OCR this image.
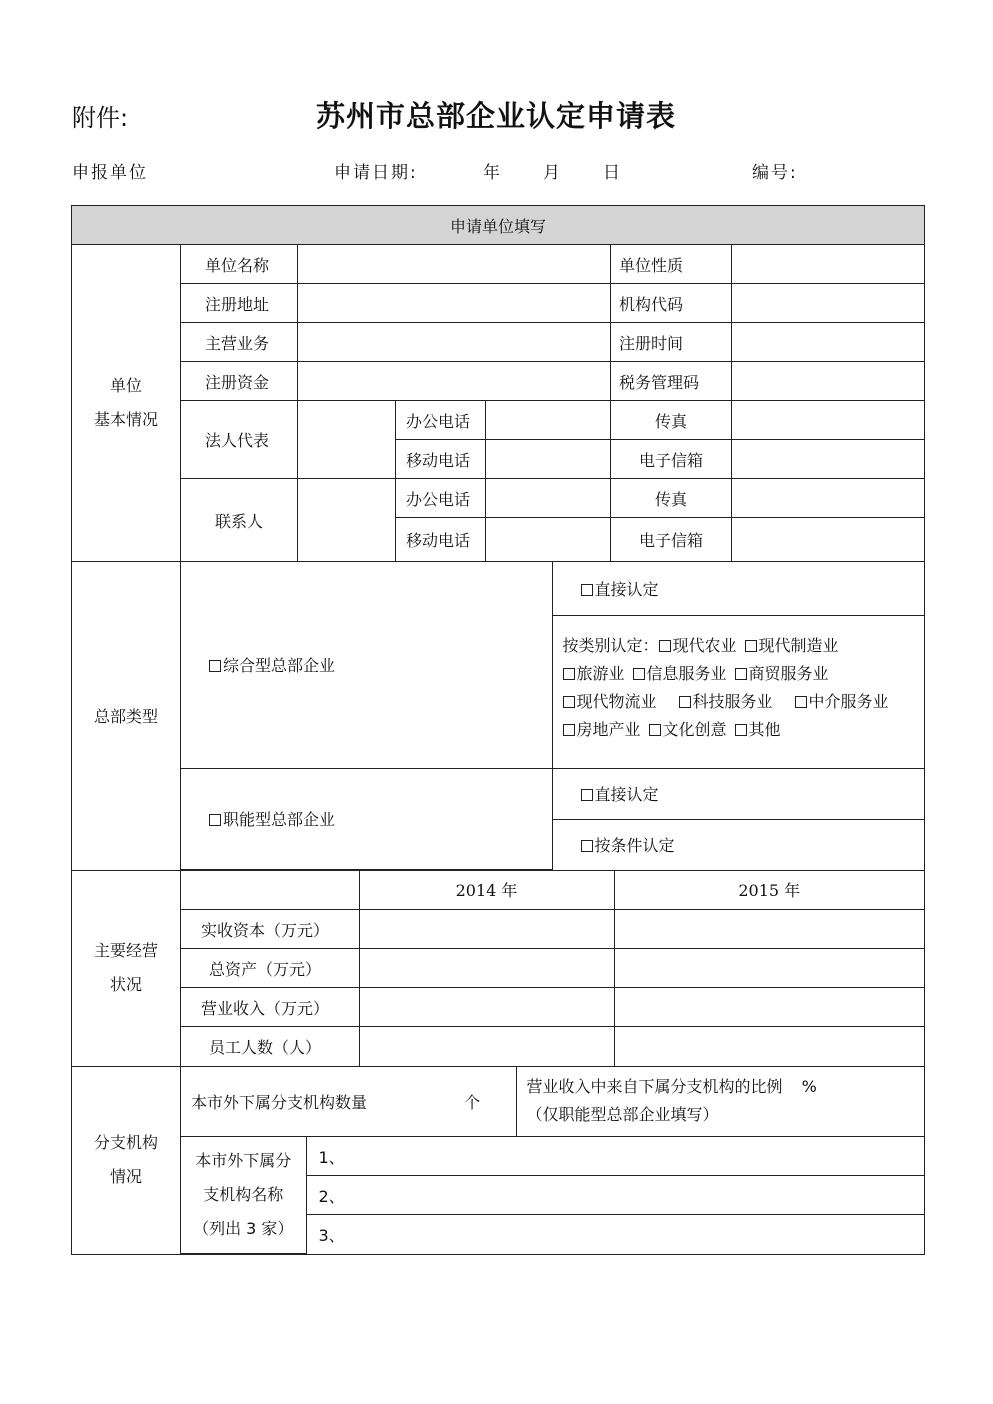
附件:	苏州市总部企业认定申请表
申报单位	申请日期:	年 月 日	编号:
申请单位填写
单位
基本情况	单位名称		单位性质	
注册地址		机构代码	
主营业务		注册时间	
注册资金		税务管理码	
法人代表		办公电话		传真	
移动电话		电子信箱	
联系人		办公电话		传真	
移动电话		电子信箱	
总部类型	
综合型总部企业	直接认定

按类别认定： 现代农业 现代制造业
旅游业 信息服务业 商贸服务业
现代物流业 科技服务业 中介服务业
房地产业 文化创意 其他

职能型总部企业	直接认定
按条件认定

主要经营
状况	
	2014 年	2015 年
实收资本（万元）		
总资产（万元）		
营业收入（万元）		
员工人数（人）		

分支机构
情况	
本市外下属分支机构数量	个	营业收入中来自下属分支机构的比例 %
（仅职能型总部企业填写）
本市外下属分
支机构名称
（列出 3 家）	1、
2、
3、
